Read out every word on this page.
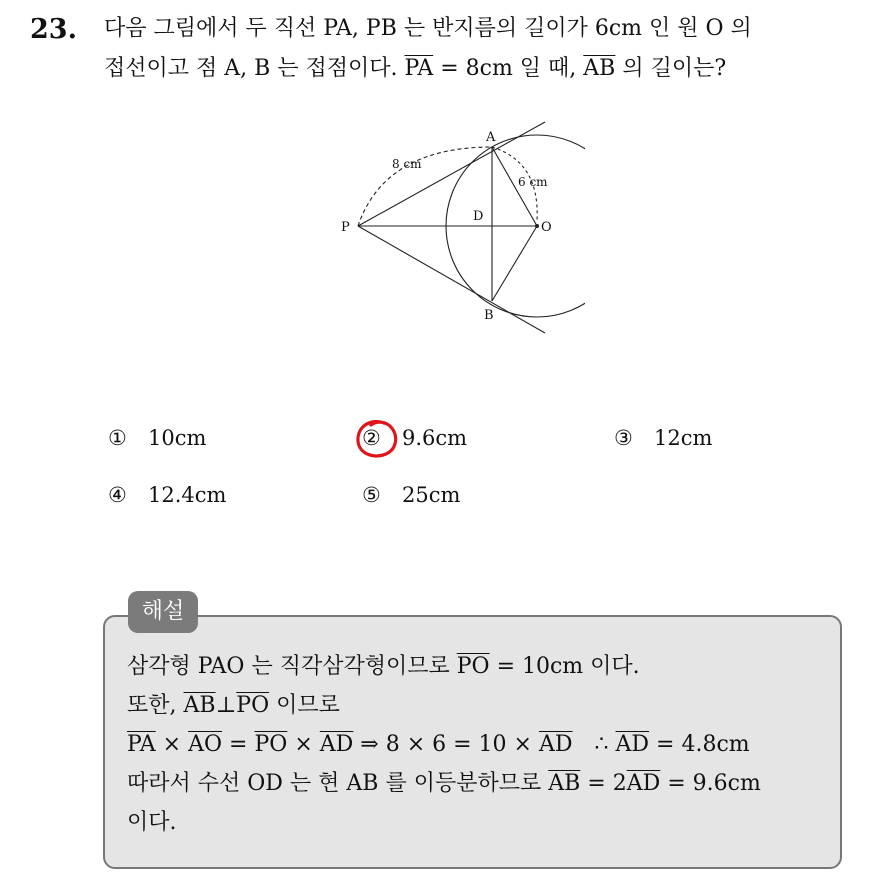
23. 다음 그림에서 두 직선 PA, PB 는 반지름의 길이가 6cm 인 원 O 의
접선이고 점 A, B 는 접점이다. $\overline{PA} = 8cm$ 일 때, $\overline{AB}$ 의 길이는?
A
B
P	O
D
8 cm
6 cm
① 10cm	② 9.6cm	③ 12cm
④ 12.4cm	⑤ 25cm
해설
삼각형 PAO 는 직각삼각형이므로 $\overline{PO} = 10cm$ 이다.
또한, $\overline{AB}\perp\overline{PO}$ 이므로
$\overline{PA} \times \overline{AO} = \overline{PO} \times \overline{AD}$ ⇒ $8 \times 6 = 10 \times \overline{AD}$ ∴ $\overline{AD} = 4.8cm$
따라서 수선 OD 는 현 AB 를 이등분하므로 $\overline{AB} = 2\overline{AD} = 9.6cm$
이다.
